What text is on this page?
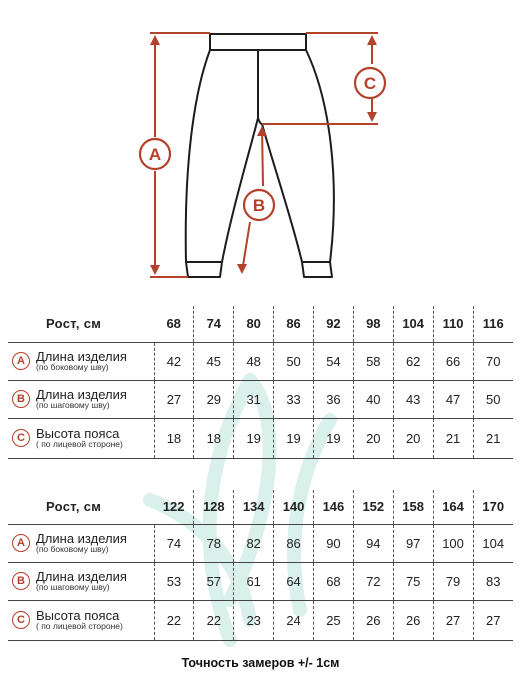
A
C
B
Рост, см	68	74	80	86	92	98	104	110	116

A Длина изделия
(по боковому шву)	42	45	48	50	54	58	62	66	70

B Длина изделия
(по шаговому шву)	27	29	31	33	36	40	43	47	50

C Высота пояса
( по лицевой стороне)	18	18	19	19	19	20	20	21	21
Рост, см	122	128	134	140	146	152	158	164	170

A Длина изделия
(по боковому шву)	74	78	82	86	90	94	97	100	104

B Длина изделия
(по шаговому шву)	53	57	61	64	68	72	75	79	83

C Высота пояса
( по лицевой стороне)	22	22	23	24	25	26	26	27	27
Точность замеров +/- 1см
